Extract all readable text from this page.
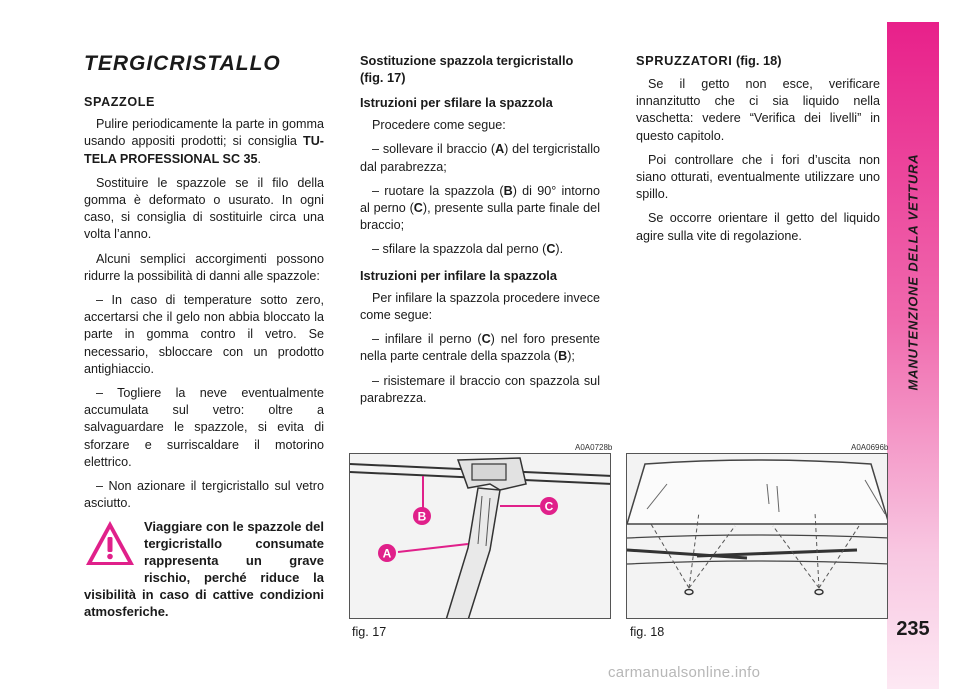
MANUTENZIONE DELLA VETTURA
235
TERGICRISTALLO
SPAZZOLE

Pulire periodicamente la parte in gomma usando appositi prodotti; si consiglia TU-TELA PROFESSIONAL SC 35.

Sostituire le spazzole se il filo della gomma è deformato o usurato. In ogni caso, si consiglia di sostituirle circa una volta l’anno.

Alcuni semplici accorgimenti possono ridurre la possibilità di danni alle spazzole:

– In caso di temperature sotto zero, accertarsi che il gelo non abbia bloccato la parte in gomma contro il vetro. Se necessario, sbloccare con un prodotto antighiaccio.

– Togliere la neve eventualmente accumulata sul vetro: oltre a salvaguardare le spazzole, si evita di sforzare e surriscaldare il motorino elettrico.

– Non azionare il tergicristallo sul vetro asciutto.

Viaggiare con le spazzole del tergicristallo consumate rappresenta un grave rischio, perché riduce la visibilità in caso di cattive condizioni atmosferiche.
Sostituzione spazzola tergicristallo (fig. 17)
Istruzioni per sfilare la spazzola

Procedere come segue:

– sollevare il braccio (A) del tergicristallo dal parabrezza;

– ruotare la spazzola (B) di 90° intorno al perno (C), presente sulla parte finale del braccio;

– sfilare la spazzola dal perno (C).

Istruzioni per infilare la spazzola

Per infilare la spazzola procedere invece come segue:

– infilare il perno (C) nel foro presente nella parte centrale della spazzola (B);

– risistemare il braccio con spazzola sul parabrezza.

SPRUZZATORI (fig. 18)

Se il getto non esce, verificare innanzitutto che ci sia liquido nella vaschetta: vedere “Verifica dei livelli” in questo capitolo.

Poi controllare che i fori d’uscita non siano otturati, eventualmente utilizzare uno spillo.

Se occorre orientare il getto del liquido agire sulla vite di regolazione.

A0A0728b
B
C
A
fig. 17
A0A0696b
fig. 18
carmanualsonline.info
